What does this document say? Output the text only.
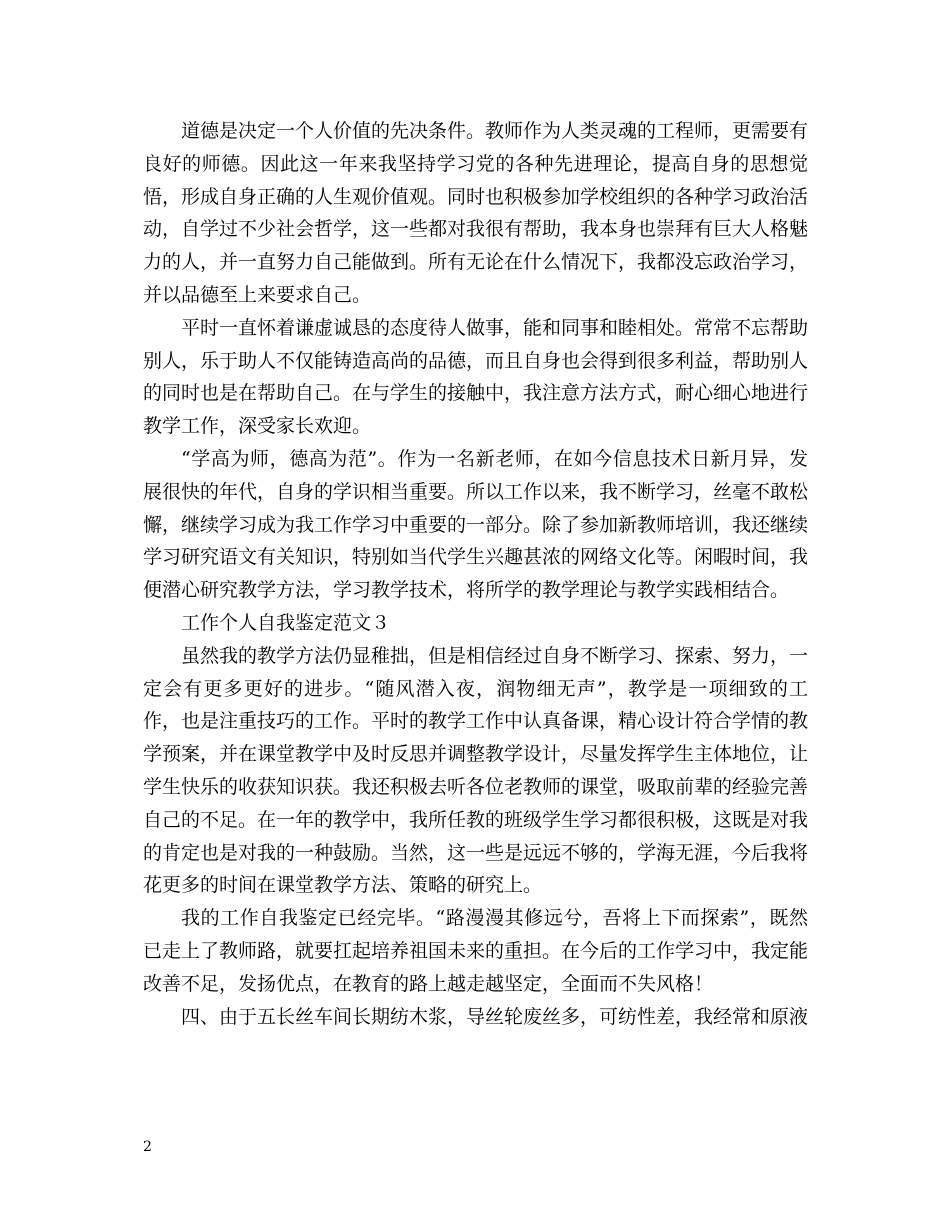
道德是决定一个人价值的先决条件。教师作为人类灵魂的工程师，更需要有良好的师德。因此这一年来我坚持学习党的各种先进理论，提高自身的思想觉悟，形成自身正确的人生观价值观。同时也积极参加学校组织的各种学习政治活动，自学过不少社会哲学，这一些都对我很有帮助，我本身也崇拜有巨大人格魅力的人，并一直努力自己能做到。所有无论在什么情况下，我都没忘政治学习，并以品德至上来要求自己。

平时一直怀着谦虚诚恳的态度待人做事，能和同事和睦相处。常常不忘帮助别人，乐于助人不仅能铸造高尚的品德，而且自身也会得到很多利益，帮助别人的同时也是在帮助自己。在与学生的接触中，我注意方法方式，耐心细心地进行教学工作，深受家长欢迎。

“学高为师，德高为范”。作为一名新老师，在如今信息技术日新月异，发展很快的年代，自身的学识相当重要。所以工作以来，我不断学习，丝毫不敢松懈，继续学习成为我工作学习中重要的一部分。除了参加新教师培训，我还继续学习研究语文有关知识，特别如当代学生兴趣甚浓的网络文化等。闲暇时间，我便潜心研究教学方法，学习教学技术，将所学的教学理论与教学实践相结合。

工作个人自我鉴定范文３

虽然我的教学方法仍显稚拙，但是相信经过自身不断学习、探索、努力，一定会有更多更好的进步。“随风潜入夜，润物细无声”，教学是一项细致的工作，也是注重技巧的工作。平时的教学工作中认真备课，精心设计符合学情的教学预案，并在课堂教学中及时反思并调整教学设计，尽量发挥学生主体地位，让学生快乐的收获知识获。我还积极去听各位老教师的课堂，吸取前辈的经验完善自己的不足。在一年的教学中，我所任教的班级学生学习都很积极，这既是对我的肯定也是对我的一种鼓励。当然，这一些是远远不够的，学海无涯，今后我将花更多的时间在课堂教学方法、策略的研究上。

我的工作自我鉴定已经完毕。“路漫漫其修远兮，吾将上下而探索”，既然已走上了教师路，就要扛起培养祖国未来的重担。在今后的工作学习中，我定能改善不足，发扬优点，在教育的路上越走越坚定，全面而不失风格！

四、由于五长丝车间长期纺木浆，导丝轮废丝多，可纺性差，我经常和原液

2
